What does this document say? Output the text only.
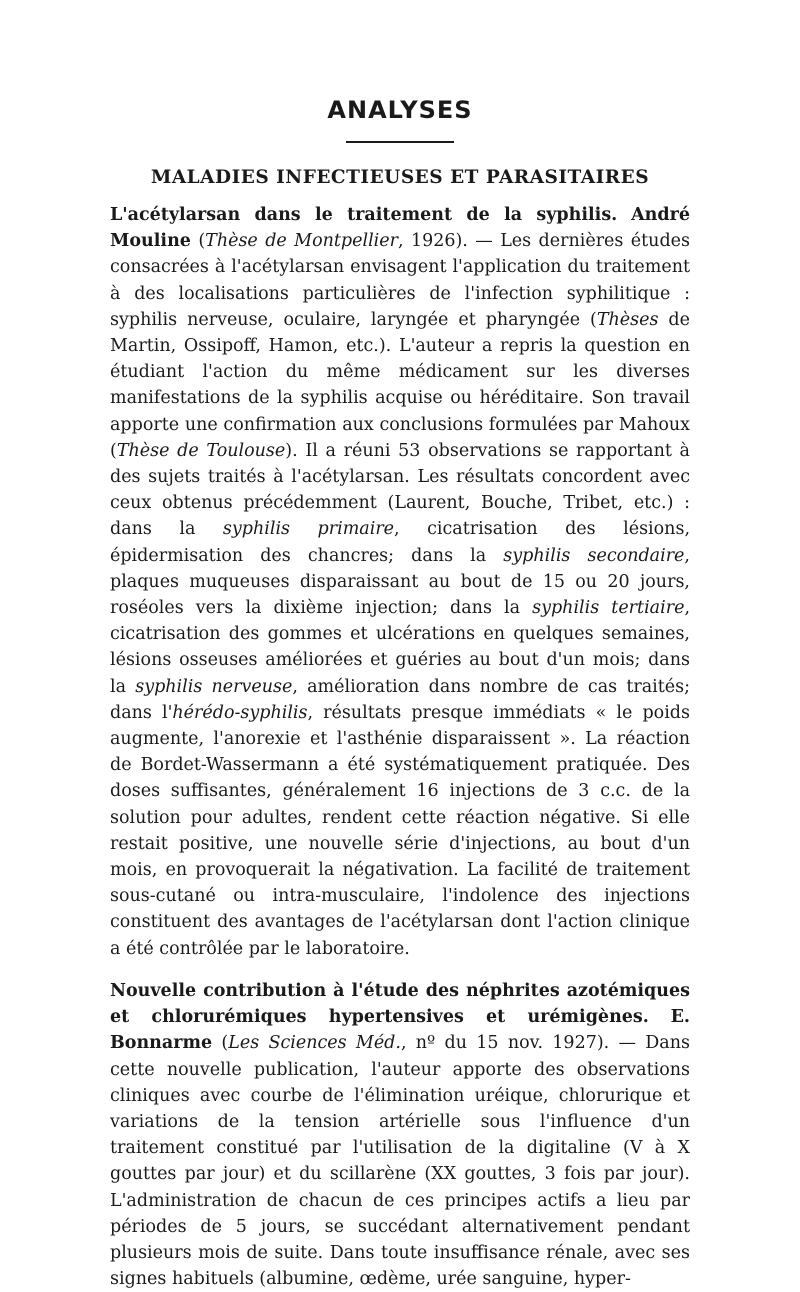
ANALYSES
MALADIES INFECTIEUSES ET PARASITAIRES

L'acétylarsan dans le traitement de la syphilis. André Mouline (Thèse de Montpellier, 1926). — Les dernières études consacrées à l'acétylarsan envisagent l'application du traitement à des localisations particulières de l'infection syphilitique : syphilis nerveuse, oculaire, laryngée et pharyngée (Thèses de Martin, Ossipoff, Hamon, etc.). L'auteur a repris la question en étudiant l'action du même médicament sur les diverses manifestations de la syphilis acquise ou héréditaire. Son travail apporte une confirmation aux conclusions formulées par Mahoux (Thèse de Toulouse). Il a réuni 53 observations se rapportant à des sujets traités à l'acétylarsan. Les résultats concordent avec ceux obtenus précédemment (Laurent, Bouche, Tribet, etc.) : dans la syphilis primaire, cicatrisation des lésions, épidermisation des chancres; dans la syphilis secondaire, plaques muqueuses disparaissant au bout de 15 ou 20 jours, roséoles vers la dixième injection; dans la syphilis tertiaire, cicatrisation des gommes et ulcérations en quelques semaines, lésions osseuses améliorées et guéries au bout d'un mois; dans la syphilis nerveuse, amélioration dans nombre de cas traités; dans l'hérédo-syphilis, résultats presque immédiats « le poids augmente, l'anorexie et l'asthénie disparaissent ». La réaction de Bordet-Wassermann a été systématiquement pratiquée. Des doses suffisantes, généralement 16 injections de 3 c.c. de la solution pour adultes, rendent cette réaction négative. Si elle restait positive, une nouvelle série d'injections, au bout d'un mois, en provoquerait la négativation. La facilité de traitement sous-cutané ou intra-musculaire, l'indolence des injections constituent des avantages de l'acétylarsan dont l'action clinique a été contrôlée par le laboratoire.

Nouvelle contribution à l'étude des néphrites azotémiques et chlorurémiques hypertensives et urémigènes. E. Bonnarme (Les Sciences Méd., nº du 15 nov. 1927). — Dans cette nouvelle publication, l'auteur apporte des observations cliniques avec courbe de l'élimination uréique, chlorurique et variations de la tension artérielle sous l'influence d'un traitement constitué par l'utilisation de la digitaline (V à X gouttes par jour) et du scillarène (XX gouttes, 3 fois par jour). L'administration de chacun de ces principes actifs a lieu par périodes de 5 jours, se succédant alternativement pendant plusieurs mois de suite. Dans toute insuffisance rénale, avec ses signes habituels (albumine, œdème, urée sanguine, hyper-
